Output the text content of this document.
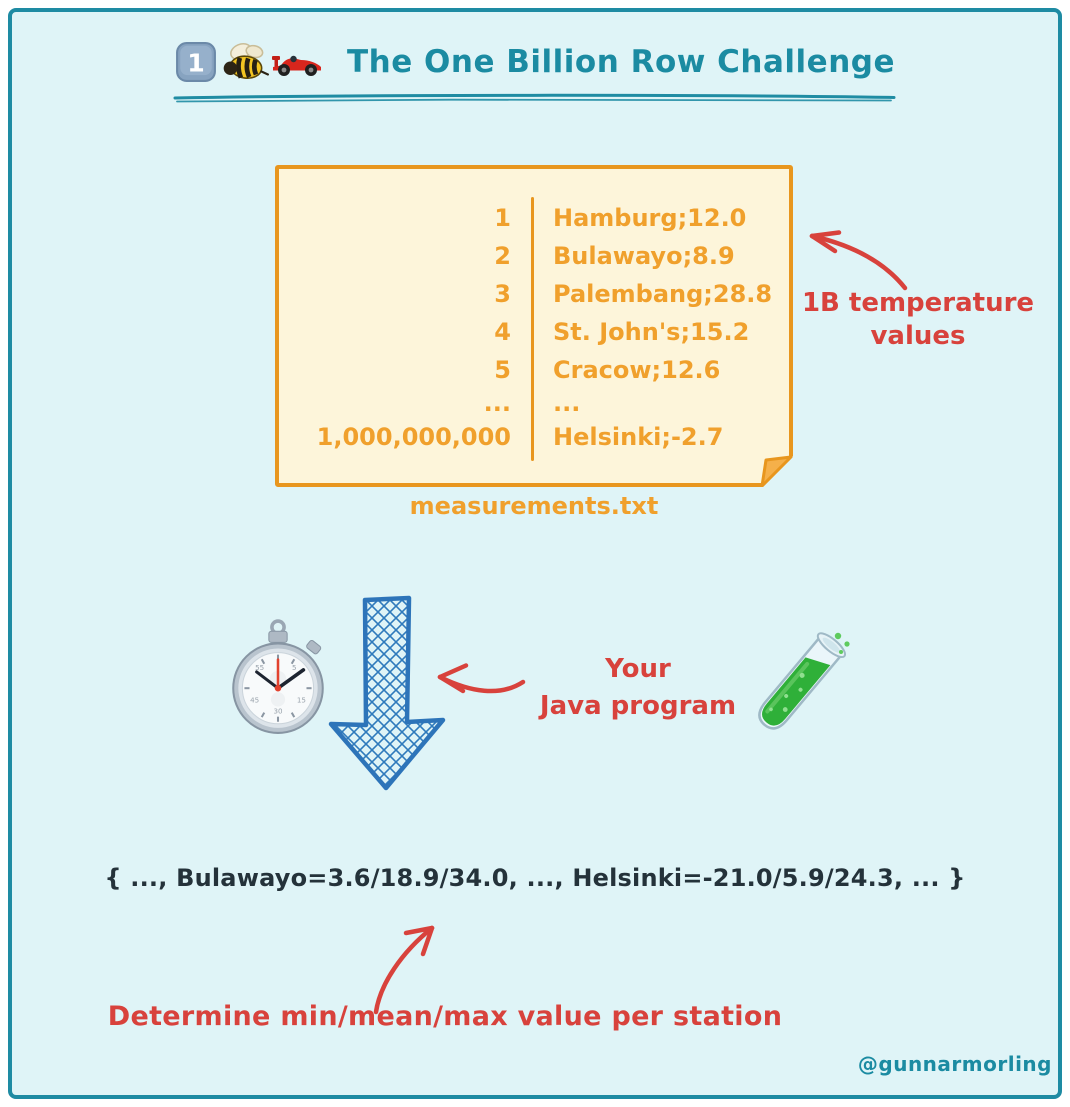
1	The One Billion Row Challenge
1	Hamburg;12.0
2	Bulawayo;8.9
3	Palembang;28.8
4	St. John's;15.2
5	Cracow;12.6
...	...
1,000,000,000	Helsinki;-2.7
measurements.txt
1B temperature
values
5
15
30
45
55	Your
Java program
{ ..., Bulawayo=3.6/18.9/34.0, ..., Helsinki=-21.0/5.9/24.3, ... }
Determine min/mean/max value per station
@gunnarmorling
